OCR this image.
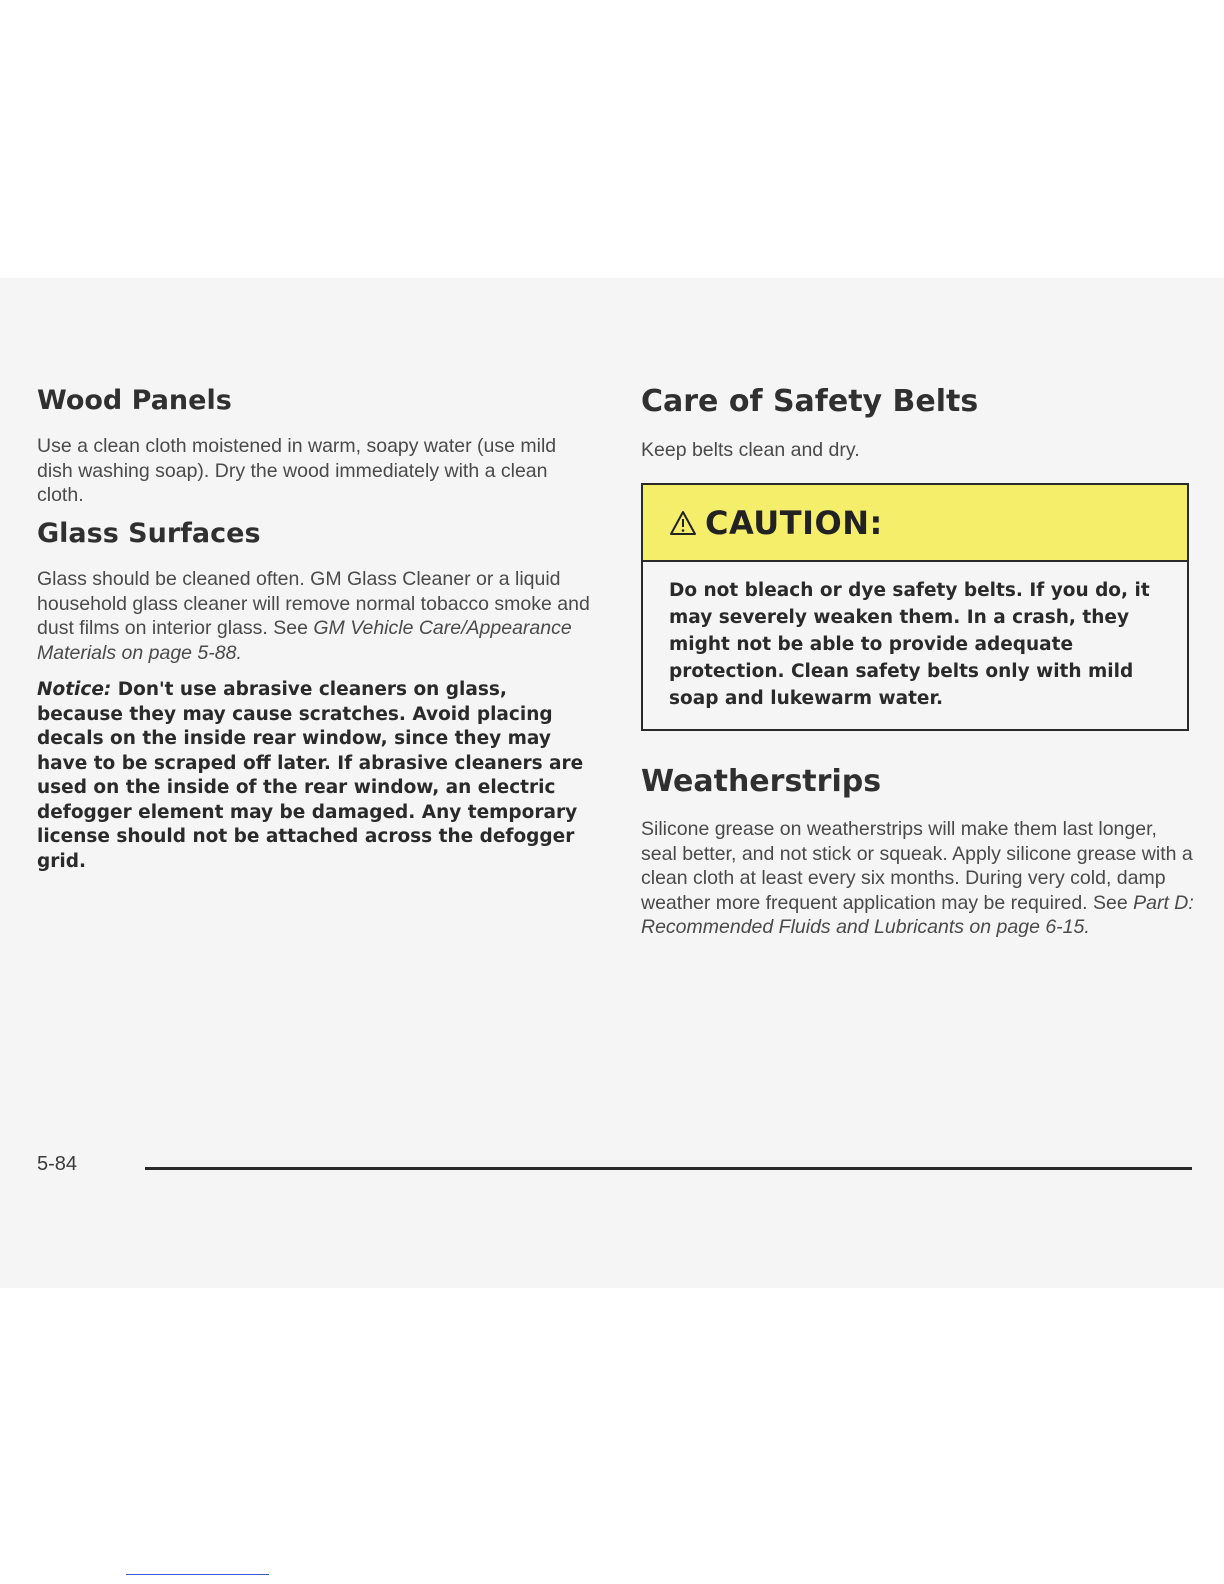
Wood Panels

Use a clean cloth moistened in warm, soapy water (use mild dish washing soap). Dry the wood immediately with a clean cloth.

Glass Surfaces

Glass should be cleaned often. GM Glass Cleaner or a liquid household glass cleaner will remove normal tobacco smoke and dust films on interior glass. See GM Vehicle Care/Appearance Materials on page 5-88.

Notice: Don't use abrasive cleaners on glass, because they may cause scratches. Avoid placing decals on the inside rear window, since they may have to be scraped off later. If abrasive cleaners are used on the inside of the rear window, an electric defogger element may be damaged. Any temporary license should not be attached across the defogger grid.

Care of Safety Belts

Keep belts clean and dry.

CAUTION:
Do not bleach or dye safety belts. If you do, it may severely weaken them. In a crash, they might not be able to provide adequate protection. Clean safety belts only with mild soap and lukewarm water.
Weatherstrips

Silicone grease on weatherstrips will make them last longer, seal better, and not stick or squeak. Apply silicone grease with a clean cloth at least every six months. During very cold, damp weather more frequent application may be required. See Part D: Recommended Fluids and Lubricants on page 6-15.

5-84
